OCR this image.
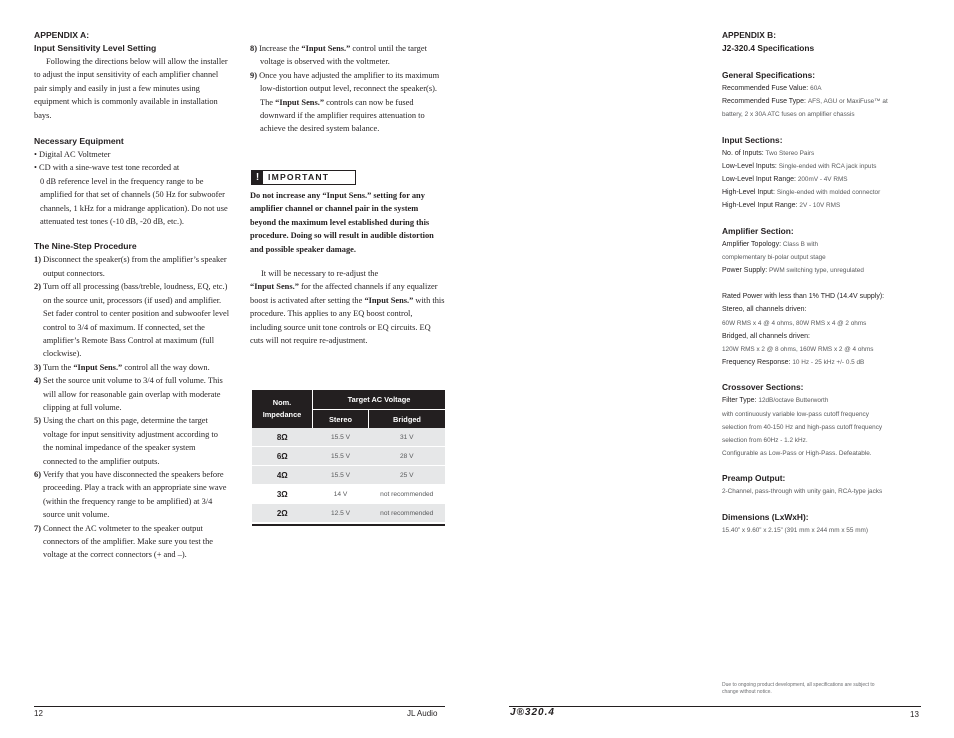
APPENDIX A:
Input Sensitivity Level Setting

Following the directions below will allow the installer to adjust the input sensitivity of each amplifier channel pair simply and easily in just a few minutes using equipment which is commonly available in installation bays.

Necessary Equipment
• Digital AC Voltmeter
• CD with a sine-wave test tone recorded at
0 dB reference level in the frequency range to be amplified for that set of channels (50 Hz for subwoofer channels, 1 kHz for a midrange application). Do not use attenuated test tones (-10 dB, -20 dB, etc.).
The Nine-Step Procedure
1) Disconnect the speaker(s) from the amplifier’s speaker output connectors.
2) Turn off all processing (bass/treble, loudness, EQ, etc.) on the source unit, processors (if used) and amplifier. Set fader control to center position and subwoofer level control to 3/4 of maximum. If connected, set the amplifier’s Remote Bass Control at maximum (full clockwise).
3) Turn the “Input Sens.” control all the way down.
4) Set the source unit volume to 3/4 of full volume. This will allow for reasonable gain overlap with moderate clipping at full volume.
5) Using the chart on this page, determine the target voltage for input sensitivity adjustment according to the nominal impedance of the speaker system connected to the amplifier outputs.
6) Verify that you have disconnected the speakers before proceeding. Play a track with an appropriate sine wave (within the frequency range to be amplified) at 3/4 source unit volume.
7) Connect the AC voltmeter to the speaker output connectors of the amplifier. Make sure you test the voltage at the correct connectors (+ and –).
8) Increase the “Input Sens.” control until the target voltage is observed with the voltmeter.
9) Once you have adjusted the amplifier to its maximum low-distortion output level, reconnect the speaker(s). The “Input Sens.” controls can now be fused downward if the amplifier requires attenuation to achieve the desired system balance.
!	IMPORTANT
Do not increase any “Input Sens.” setting for any amplifier channel or channel pair in the system beyond the maximum level established during this procedure. Doing so will result in audible distortion and possible speaker damage.
It will be necessary to re-adjust the
“Input Sens.” for the affected channels if any equalizer boost is activated after setting the “Input Sens.” with this procedure. This applies to any EQ boost control, including source unit tone controls or EQ circuits. EQ cuts will not require re-adjustment.
Nom. Impedance	Target AC Voltage	
	Stereo	Bridged
8Ω	15.5 V	31 V
6Ω	15.5 V	28 V
4Ω	15.5 V	25 V
3Ω	14 V	not recommended
2Ω	12.5 V	not recommended
APPENDIX B:
J2-320.4 Specifications
General Specifications:
Recommended Fuse Value: 60A
Recommended Fuse Type: AFS, AGU or MaxiFuse™ at
battery, 2 x 30A ATC fuses on amplifier chassis
Input Sections:
No. of Inputs: Two Stereo Pairs
Low-Level Inputs: Single-ended with RCA jack inputs
Low-Level Input Range: 200mV - 4V RMS
High-Level Input: Single-ended with molded connector
High-Level Input Range: 2V - 10V RMS
Amplifier Section:
Amplifier Topology: Class B with
complementary bi-polar output stage
Power Supply: PWM switching type, unregulated
Rated Power with less than 1% THD (14.4V supply):
Stereo, all channels driven:
60W RMS x 4 @ 4 ohms, 80W RMS x 4 @ 2 ohms
Bridged, all channels driven:
120W RMS x 2 @ 8 ohms, 160W RMS x 2 @ 4 ohms
Frequency Response: 10 Hz - 25 kHz +/- 0.5 dB
Crossover Sections:
Filter Type: 12dB/octave Butterworth
with continuously variable low-pass cutoff frequency
selection from 40-150 Hz and high-pass cutoff frequency
selection from 60Hz - 1.2 kHz.
Configurable as Low-Pass or High-Pass. Defeatable.
Preamp Output:
2-Channel, pass-through with unity gain, RCA-type jacks
Dimensions (LxWxH):
15.40” x 9.60” x 2.15” (391 mm x 244 mm x 55 mm)
Due to ongoing product development, all specifications are subject to
change without notice.
12	JL Audio	J®320.4	13
